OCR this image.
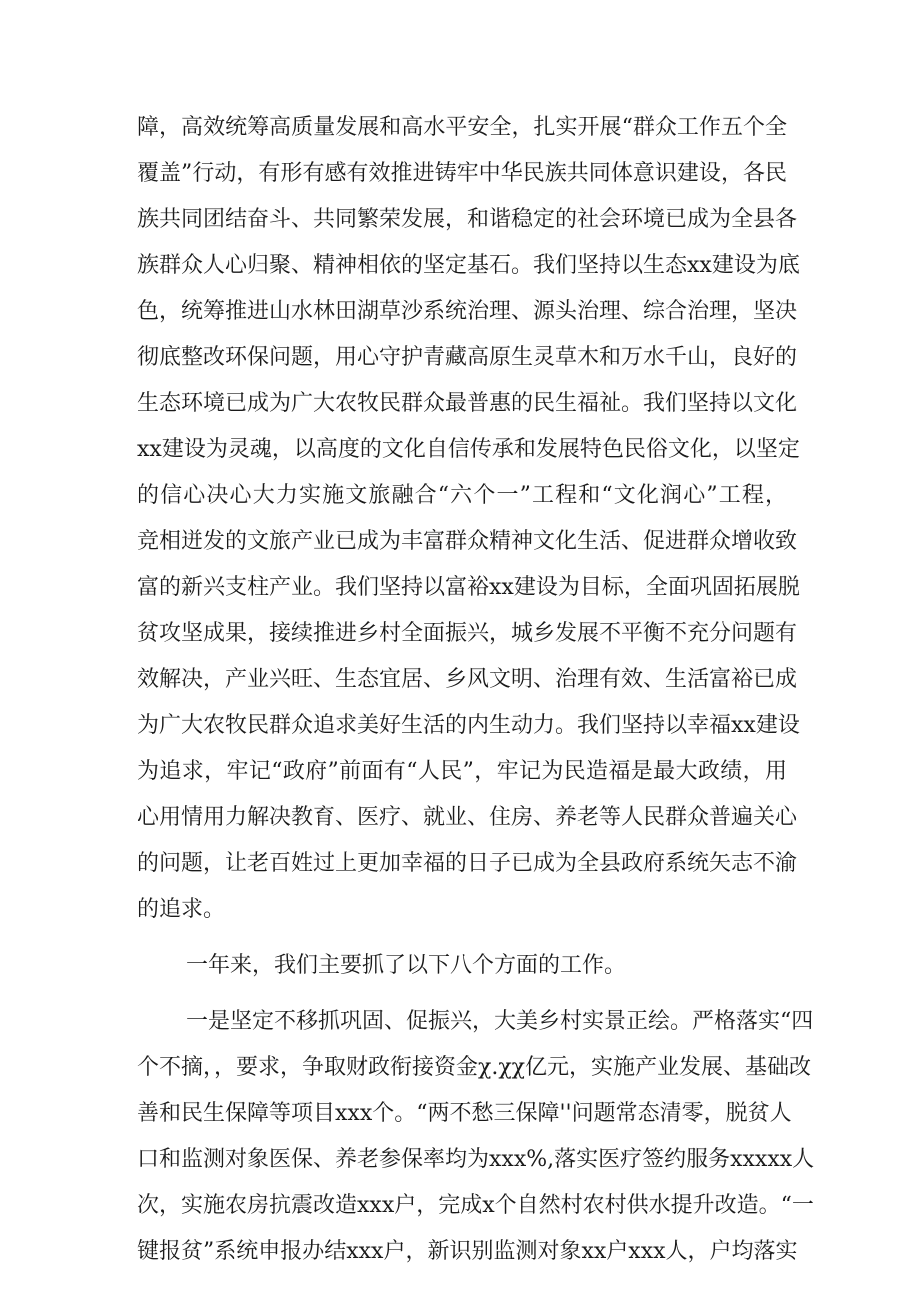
障，高效统筹高质量发展和高水平安全，扎实开展“群众工作五个全
覆盖”行动，有形有感有效推进铸牢中华民族共同体意识建设，各民
族共同团结奋斗、共同繁荣发展，和谐稳定的社会环境已成为全县各
族群众人心归聚、精神相依的坚定基石。我们坚持以生态xx建设为底
色，统筹推进山水林田湖草沙系统治理、源头治理、综合治理，坚决
彻底整改环保问题，用心守护青藏高原生灵草木和万水千山，良好的
生态环境已成为广大农牧民群众最普惠的民生福祉。我们坚持以文化
xx建设为灵魂，以高度的文化自信传承和发展特色民俗文化，以坚定
的信心决心大力实施文旅融合“六个一”工程和“文化润心”工程，
竞相迸发的文旅产业已成为丰富群众精神文化生活、促进群众增收致
富的新兴支柱产业。我们坚持以富裕xx建设为目标，全面巩固拓展脱
贫攻坚成果，接续推进乡村全面振兴，城乡发展不平衡不充分问题有
效解决，产业兴旺、生态宜居、乡风文明、治理有效、生活富裕已成
为广大农牧民群众追求美好生活的内生动力。我们坚持以幸福xx建设
为追求，牢记“政府”前面有“人民”，牢记为民造福是最大政绩，用
心用情用力解决教育、医疗、就业、住房、养老等人民群众普遍关心
的问题，让老百姓过上更加幸福的日子已成为全县政府系统矢志不渝
的追求。
一年来，我们主要抓了以下八个方面的工作。
一是坚定不移抓巩固、促振兴，大美乡村实景正绘。严格落实“四
个不摘，，要求，争取财政衔接资金χ.χχ亿元，实施产业发展、基础改
善和民生保障等项目xxx个。“两不愁三保障''问题常态清零，脱贫人
口和监测对象医保、养老参保率均为xxx%,落实医疗签约服务xxxxx人
次，实施农房抗震改造xxx户，完成x个自然村农村供水提升改造。“一
键报贫”系统申报办结xxx户，新识别监测对象xx户xxx人，户均落实
